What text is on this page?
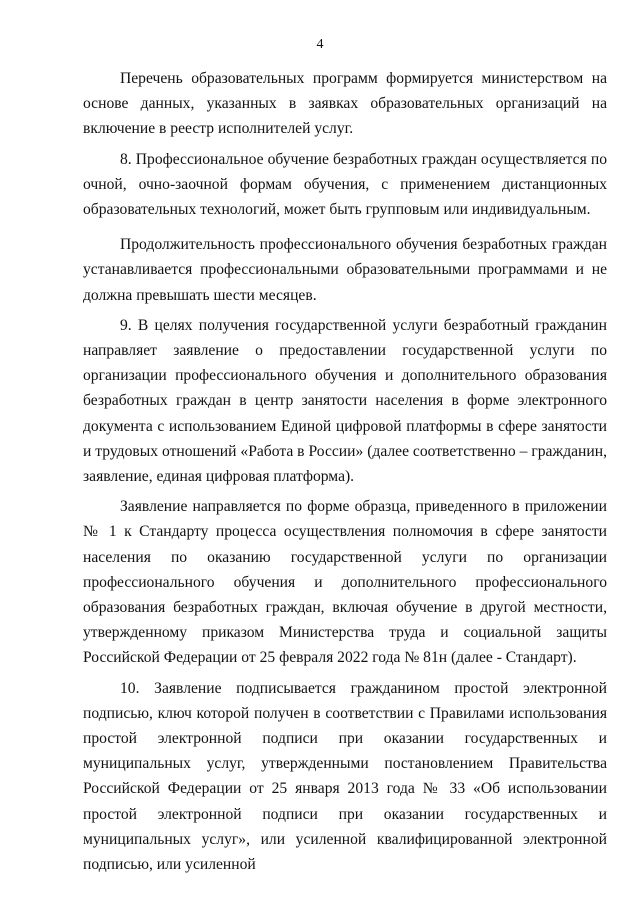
4

Перечень образовательных программ формируется министерством на основе данных, указанных в заявках образовательных организаций на включение в реестр исполнителей услуг.

8. Профессиональное обучение безработных граждан осуществляется по очной, очно-заочной формам обучения, с применением дистанционных образовательных технологий, может быть групповым или индивидуальным.

Продолжительность профессионального обучения безработных граждан устанавливается профессиональными образовательными программами и не должна превышать шести месяцев.

9. В целях получения государственной услуги безработный гражданин направляет заявление о предоставлении государственной услуги по организации профессионального обучения и дополнительного образования безработных граждан в центр занятости населения в форме электронного документа с использованием Единой цифровой платформы в сфере занятости и трудовых отношений «Работа в России» (далее соответственно – гражданин, заявление, единая цифровая платформа).

Заявление направляется по форме образца, приведенного в приложении № 1 к Стандарту процесса осуществления полномочия в сфере занятости населения по оказанию государственной услуги по организации профессионального обучения и дополнительного профессионального образования безработных граждан, включая обучение в другой местности, утвержденному приказом Министерства труда и социальной защиты Российской Федерации от 25 февраля 2022 года № 81н (далее - Стандарт).

10. Заявление подписывается гражданином простой электронной подписью, ключ которой получен в соответствии с Правилами использования простой электронной подписи при оказании государственных и муниципальных услуг, утвержденными постановлением Правительства Российской Федерации от 25 января 2013 года № 33 «Об использовании простой электронной подписи при оказании государственных и муниципальных услуг», или усиленной квалифицированной электронной подписью, или усиленной
